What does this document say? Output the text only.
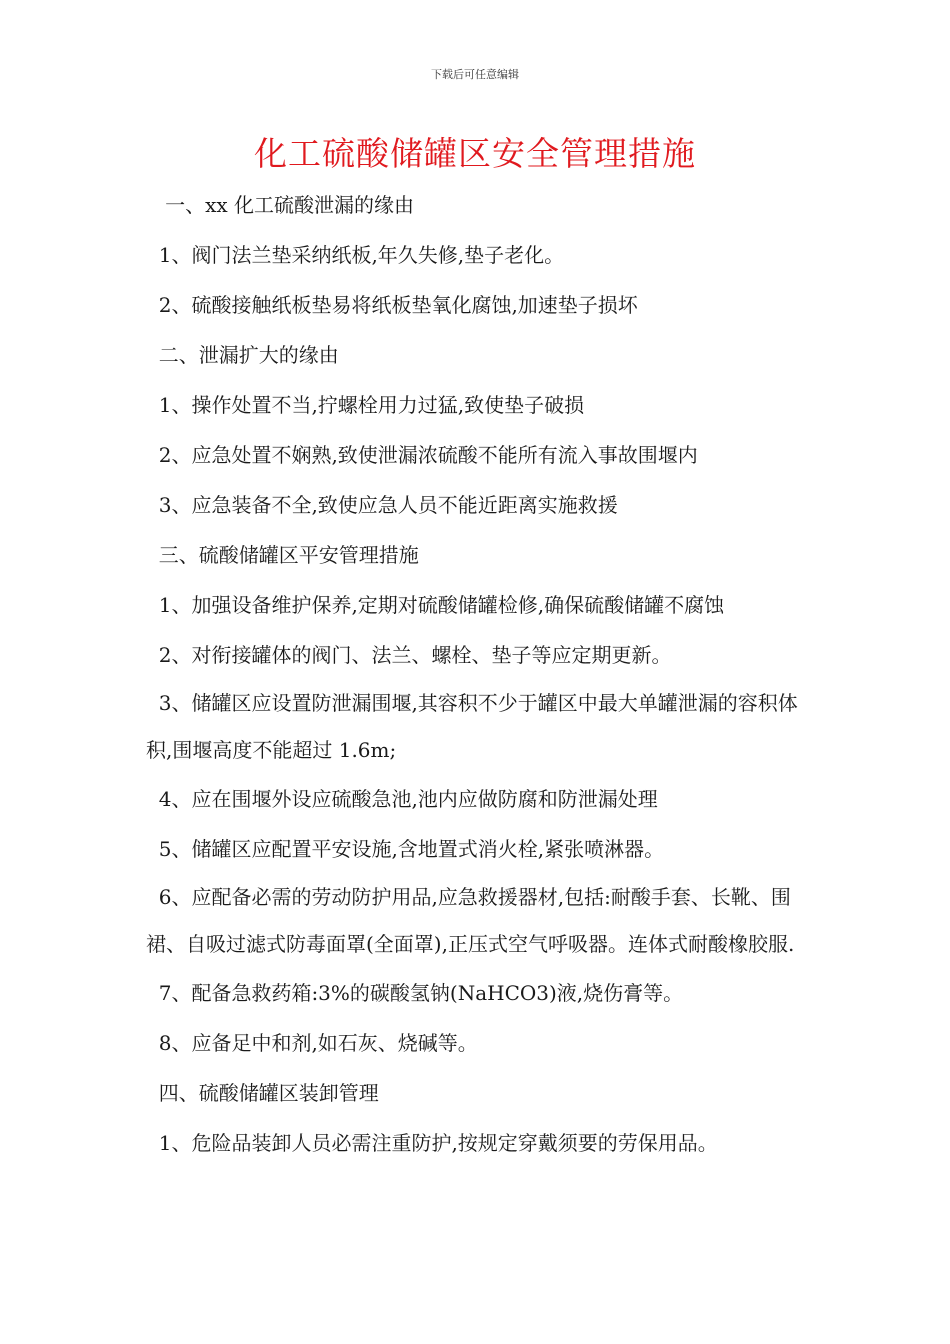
下载后可任意编辑
化工硫酸储罐区安全管理措施

一、xx 化工硫酸泄漏的缘由

1、阀门法兰垫采纳纸板,年久失修,垫子老化。

2、硫酸接触纸板垫易将纸板垫氧化腐蚀,加速垫子损坏

二、泄漏扩大的缘由

1、操作处置不当,拧螺栓用力过猛,致使垫子破损

2、应急处置不娴熟,致使泄漏浓硫酸不能所有流入事故围堰内

3、应急装备不全,致使应急人员不能近距离实施救援

三、硫酸储罐区平安管理措施

1、加强设备维护保养,定期对硫酸储罐检修,确保硫酸储罐不腐蚀

2、对衔接罐体的阀门、法兰、螺栓、垫子等应定期更新。

3、储罐区应设置防泄漏围堰,其容积不少于罐区中最大单罐泄漏的容积体积,围堰高度不能超过 1.6m;

4、应在围堰外设应硫酸急池,池内应做防腐和防泄漏处理

5、储罐区应配置平安设施,含地置式消火栓,紧张喷淋器。

6、应配备必需的劳动防护用品,应急救援器材,包括:耐酸手套、长靴、围裙、自吸过滤式防毒面罩(全面罩),正压式空气呼吸器。连体式耐酸橡胶服.

7、配备急救药箱:3%的碳酸氢钠(NaHCO3)液,烧伤膏等。

8、应备足中和剂,如石灰、烧碱等。

四、硫酸储罐区装卸管理

1、危险品装卸人员必需注重防护,按规定穿戴须要的劳保用品。
